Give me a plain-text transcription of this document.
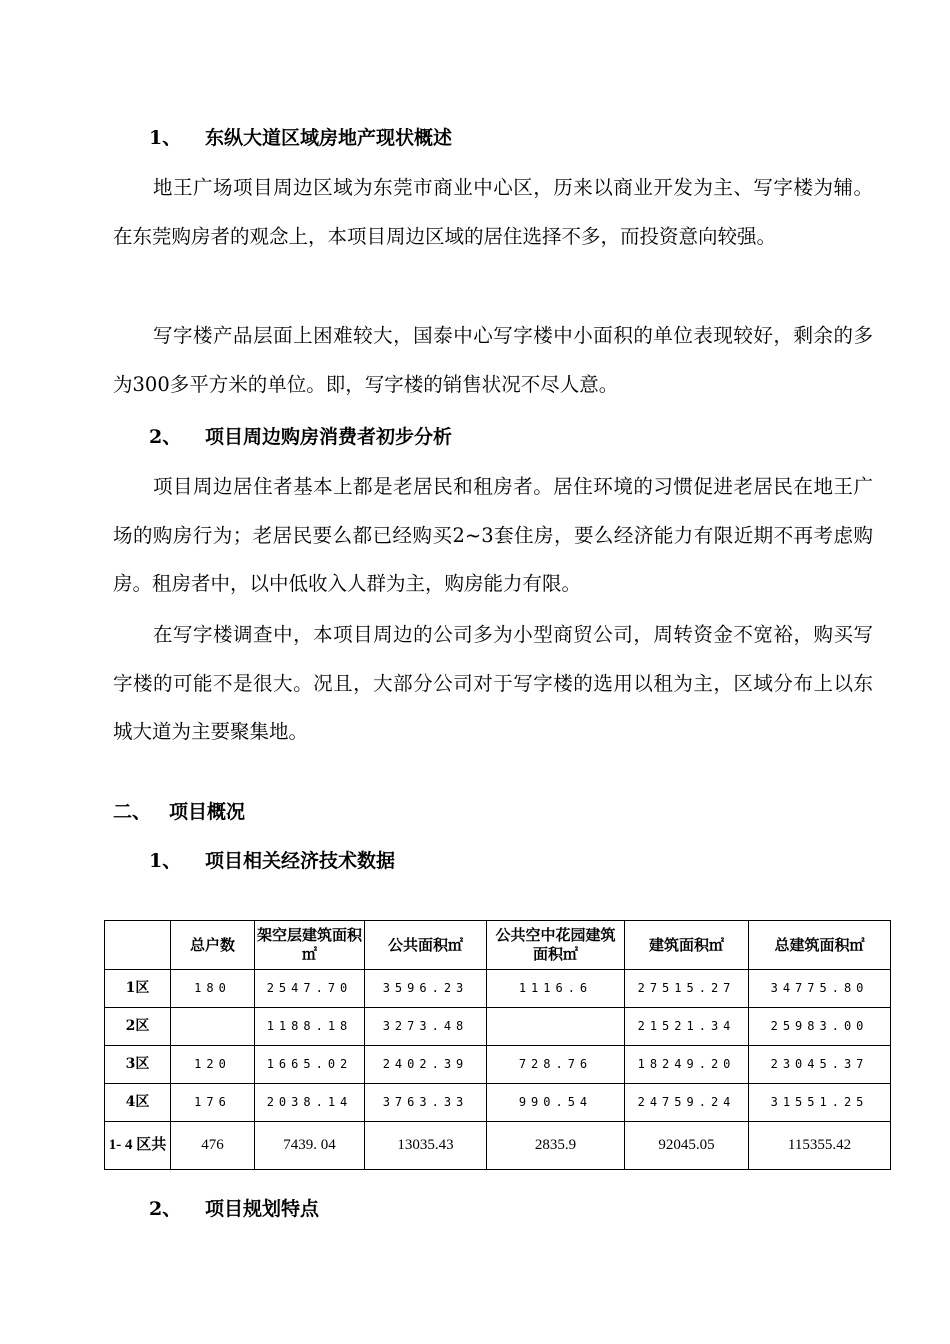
1、 东纵大道区域房地产现状概述
地王广场项目周边区域为东莞市商业中心区，历来以商业开发为主、写字楼为辅。在东莞购房者的观念上，本项目周边区域的居住选择不多，而投资意向较强。
写字楼产品层面上困难较大，国泰中心写字楼中小面积的单位表现较好，剩余的多为300多平方米的单位。即，写字楼的销售状况不尽人意。
2、 项目周边购房消费者初步分析
项目周边居住者基本上都是老居民和租房者。居住环境的习惯促进老居民在地王广场的购房行为；老居民要么都已经购买2~3套住房，要么经济能力有限近期不再考虑购房。租房者中，以中低收入人群为主，购房能力有限。
在写字楼调查中，本项目周边的公司多为小型商贸公司，周转资金不宽裕，购买写字楼的可能不是很大。况且，大部分公司对于写字楼的选用以租为主，区域分布上以东城大道为主要聚集地。
二、 项目概况
1、 项目相关经济技术数据
	总户数	架空层建筑面积㎡	公共面积㎡	公共空中花园建筑面积㎡	建筑面积㎡	总建筑面积㎡
1区	180	2547.70	3596.23	1116.6	27515.27	34775.80
2区		1188.18	3273.48		21521.34	25983.00
3区	120	1665.02	2402.39	728.76	18249.20	23045.37
4区	176	2038.14	3763.33	990.54	24759.24	31551.25
1- 4 区共	476	7439. 04	13035.43	2835.9	92045.05	115355.42
2、 项目规划特点
